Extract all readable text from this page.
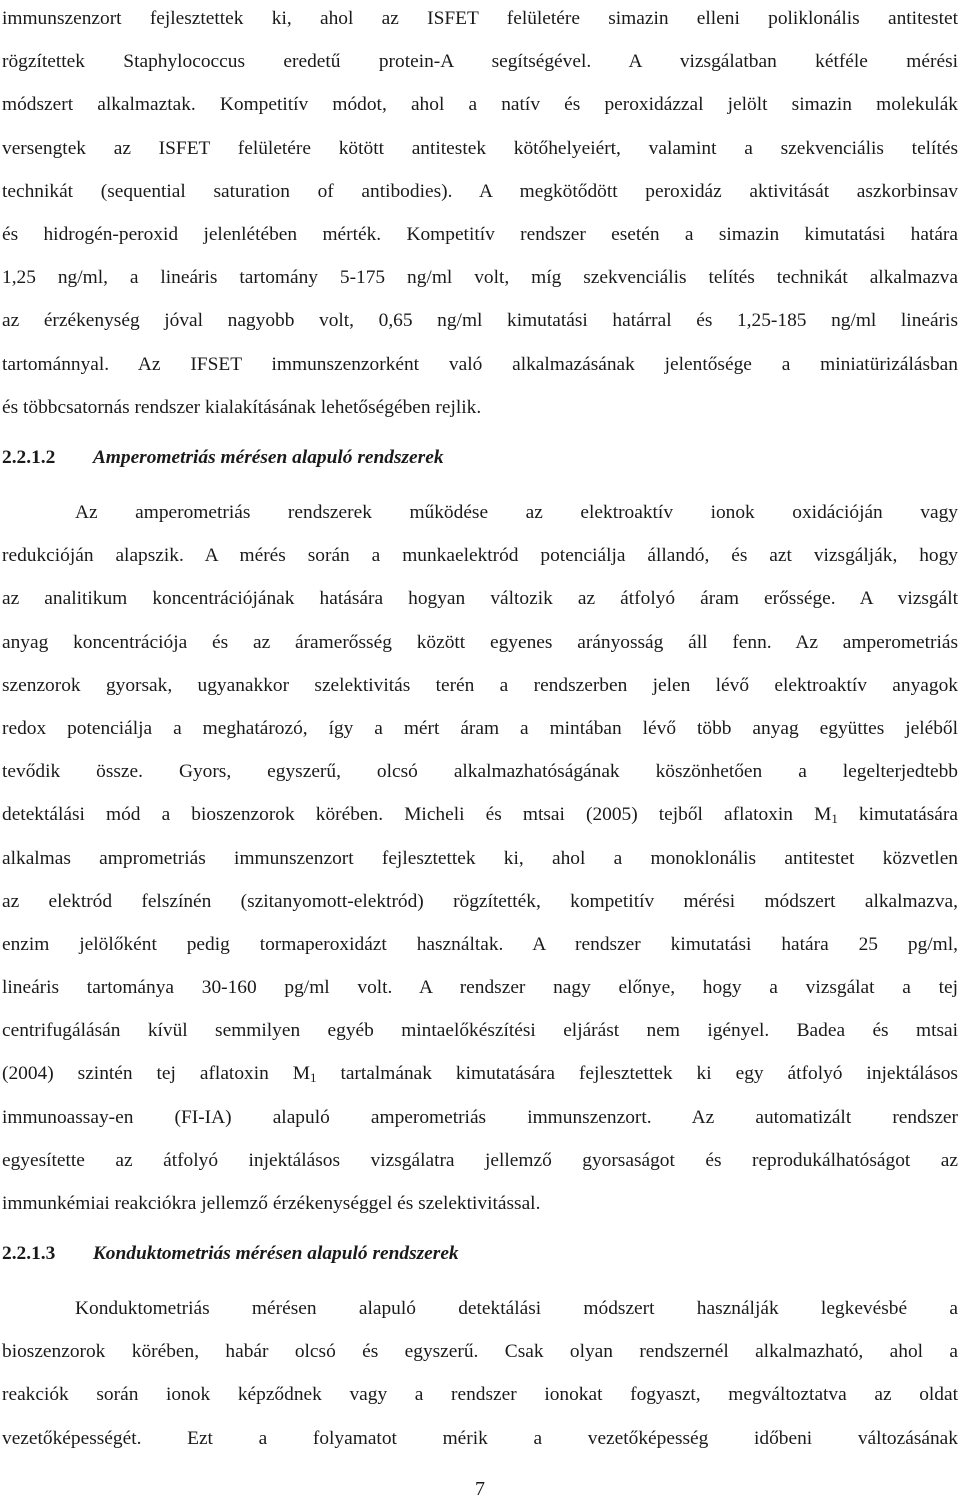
immunszenzort fejlesztettek ki, ahol az ISFET felületére simazin elleni poliklonális antitestet
rögzítettek Staphylococcus eredetű protein-A segítségével. A vizsgálatban kétféle mérési
módszert alkalmaztak. Kompetitív módot, ahol a natív és peroxidázzal jelölt simazin molekulák
versengtek az ISFET felületére kötött antitestek kötőhelyeiért, valamint a szekvenciális telítés
technikát (sequential saturation of antibodies). A megkötődött peroxidáz aktivitását aszkorbinsav
és hidrogén-peroxid jelenlétében mérték. Kompetitív rendszer esetén a simazin kimutatási határa
1,25 ng/ml, a lineáris tartomány 5-175 ng/ml volt, míg szekvenciális telítés technikát alkalmazva
az érzékenység jóval nagyobb volt, 0,65 ng/ml kimutatási határral és 1,25-185 ng/ml lineáris
tartománnyal. Az IFSET immunszenzorként való alkalmazásának jelentősége a miniatürizálásban
és többcsatornás rendszer kialakításának lehetőségében rejlik.
2.2.1.2 Amperometriás mérésen alapuló rendszerek
Az amperometriás rendszerek működése az elektroaktív ionok oxidációján vagy
redukcióján alapszik. A mérés során a munkaelektród potenciálja állandó, és azt vizsgálják, hogy
az analitikum koncentrációjának hatására hogyan változik az átfolyó áram erőssége. A vizsgált
anyag koncentrációja és az áramerősség között egyenes arányosság áll fenn. Az amperometriás
szenzorok gyorsak, ugyanakkor szelektivitás terén a rendszerben jelen lévő elektroaktív anyagok
redox potenciálja a meghatározó, így a mért áram a mintában lévő több anyag együttes jeléből
tevődik össze. Gyors, egyszerű, olcsó alkalmazhatóságának köszönhetően a legelterjedtebb
detektálási mód a bioszenzorok körében. Micheli és mtsai (2005) tejből aflatoxin $M_1$ kimutatására
alkalmas amprometriás immunszenzort fejlesztettek ki, ahol a monoklonális antitestet közvetlen
az elektród felszínén (szitanyomott-elektród) rögzítették, kompetitív mérési módszert alkalmazva,
enzim jelölőként pedig tormaperoxidázt használtak. A rendszer kimutatási határa 25 pg/ml,
lineáris tartománya 30-160 pg/ml volt. A rendszer nagy előnye, hogy a vizsgálat a tej
centrifugálásán kívül semmilyen egyéb mintaelőkészítési eljárást nem igényel. Badea és mtsai
(2004) szintén tej aflatoxin $M_1$ tartalmának kimutatására fejlesztettek ki egy átfolyó injektálásos
immunoassay-en (FI-IA) alapuló amperometriás immunszenzort. Az automatizált rendszer
egyesítette az átfolyó injektálásos vizsgálatra jellemző gyorsaságot és reprodukálhatóságot az
immunkémiai reakciókra jellemző érzékenységgel és szelektivitással.
2.2.1.3 Konduktometriás mérésen alapuló rendszerek
Konduktometriás mérésen alapuló detektálási módszert használják legkevésbé a
bioszenzorok körében, habár olcsó és egyszerű. Csak olyan rendszernél alkalmazható, ahol a
reakciók során ionok képződnek vagy a rendszer ionokat fogyaszt, megváltoztatva az oldat
vezetőképességét. Ezt a folyamatot mérik a vezetőképesség időbeni változásának
7
